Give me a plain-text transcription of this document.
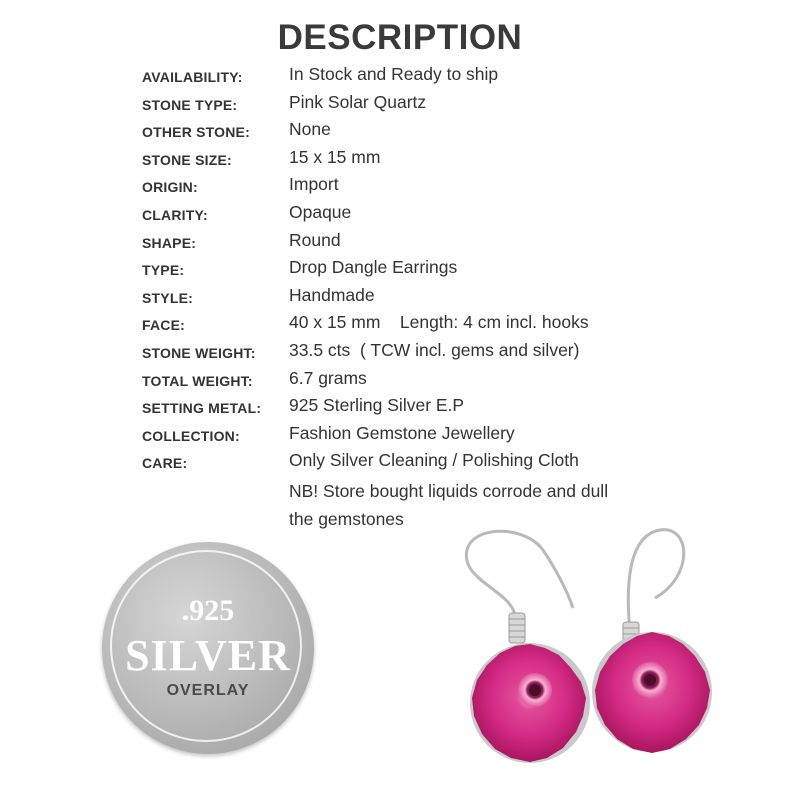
DESCRIPTION
AVAILABILITY:	In Stock and Ready to ship
STONE TYPE:	Pink Solar Quartz
OTHER STONE: None
STONE SIZE:	15 x 15 mm
ORIGIN:	Import
CLARITY:	Opaque
SHAPE:	Round
TYPE:	Drop Dangle Earrings
STYLE:	Handmade
FACE:	40 x 15 mm    Length: 4 cm incl. hooks
STONE WEIGHT: 33.5 cts  ( TCW incl. gems and silver)
TOTAL WEIGHT: 6.7 grams
SETTING METAL: 925 Sterling Silver E.P
COLLECTION:	Fashion Gemstone Jewellery
CARE:	Only Silver Cleaning / Polishing Cloth
NB! Store bought liquids corrode and dull
the gemstones
.925
SILVER
OVERLAY
